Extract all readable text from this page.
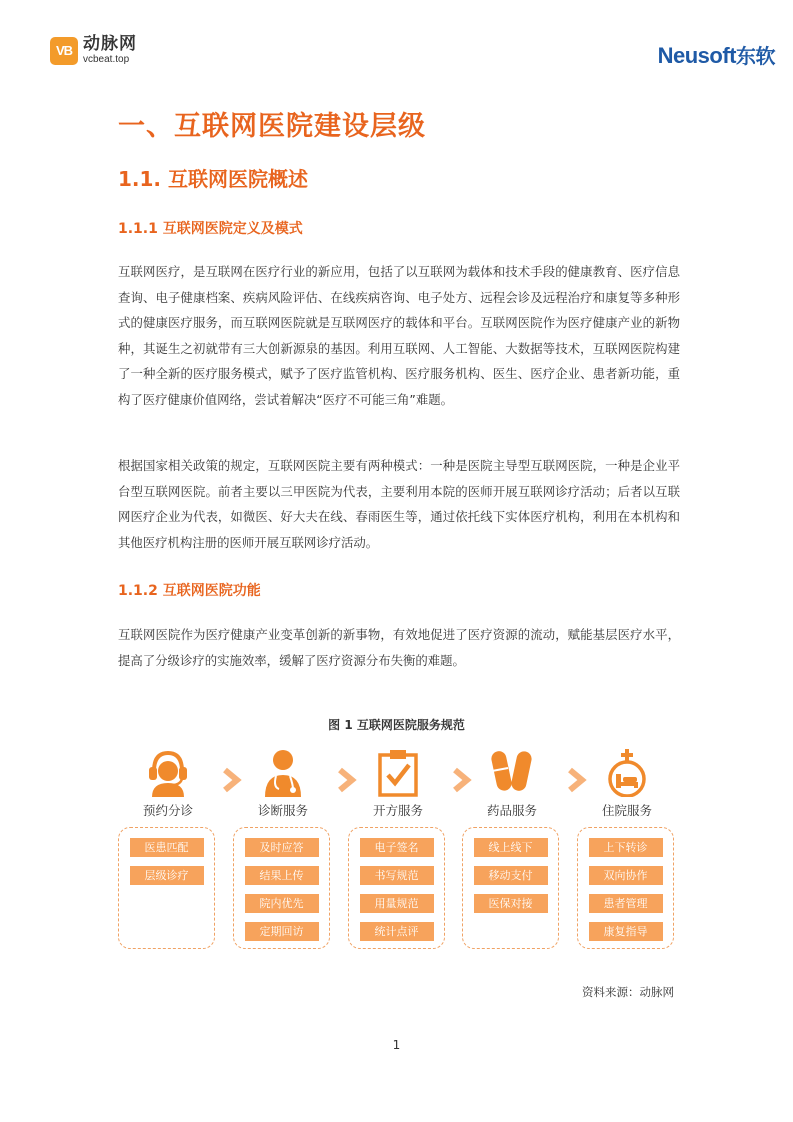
VB 动脉网
vcbeat.top	Neusoft东软
一、互联网医院建设层级
1.1. 互联网医院概述
1.1.1 互联网医院定义及模式

互联网医疗，是互联网在医疗行业的新应用，包括了以互联网为载体和技术手段的健康教育、医疗信息查询、电子健康档案、疾病风险评估、在线疾病咨询、电子处方、远程会诊及远程治疗和康复等多种形式的健康医疗服务，而互联网医院就是互联网医疗的载体和平台。互联网医院作为医疗健康产业的新物种，其诞生之初就带有三大创新源泉的基因。利用互联网、人工智能、大数据等技术，互联网医院构建了一种全新的医疗服务模式，赋予了医疗监管机构、医疗服务机构、医生、医疗企业、患者新功能，重构了医疗健康价值网络，尝试着解决“医疗不可能三角”难题。

根据国家相关政策的规定，互联网医院主要有两种模式：一种是医院主导型互联网医院，一种是企业平台型互联网医院。前者主要以三甲医院为代表，主要利用本院的医师开展互联网诊疗活动；后者以互联网医疗企业为代表，如微医、好大夫在线、春雨医生等，通过依托线下实体医疗机构，利用在本机构和其他医疗机构注册的医师开展互联网诊疗活动。

1.1.2 互联网医院功能

互联网医院作为医疗健康产业变革创新的新事物，有效地促进了医疗资源的流动，赋能基层医疗水平，提高了分级诊疗的实施效率，缓解了医疗资源分布失衡的难题。

图 1 互联网医院服务规范
预约分诊
医患匹配
层级诊疗
诊断服务
及时应答
结果上传
院内优先
定期回访
开方服务
电子签名
书写规范
用量规范
统计点评
药品服务
线上线下
移动支付
医保对接
住院服务
上下转诊
双向协作
患者管理
康复指导
资料来源：动脉网
1
